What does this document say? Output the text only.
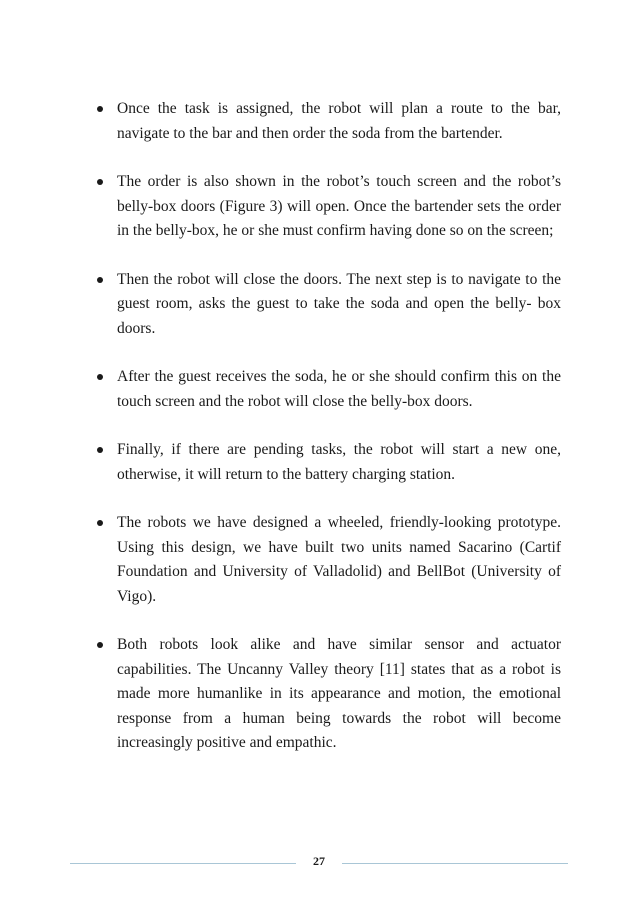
Once the task is assigned, the robot will plan a route to the bar, navigate to the bar and then order the soda from the bartender.
The order is also shown in the robot’s touch screen and the robot’s belly-box doors (Figure 3) will open. Once the bartender sets the order in the belly-box, he or she must confirm having done so on the screen;
Then the robot will close the doors. The next step is to navigate to the guest room, asks the guest to take the soda and open the belly- box doors.
After the guest receives the soda, he or she should confirm this on the touch screen and the robot will close the belly-box doors.
Finally, if there are pending tasks, the robot will start a new one, otherwise, it will return to the battery charging station.
The robots we have designed a wheeled, friendly-looking prototype. Using this design, we have built two units named Sacarino (Cartif Foundation and University of Valladolid) and BellBot (University of Vigo).
Both robots look alike and have similar sensor and actuator capabilities. The Uncanny Valley theory [11] states that as a robot is made more humanlike in its appearance and motion, the emotional response from a human being towards the robot will become increasingly positive and empathic.
27
